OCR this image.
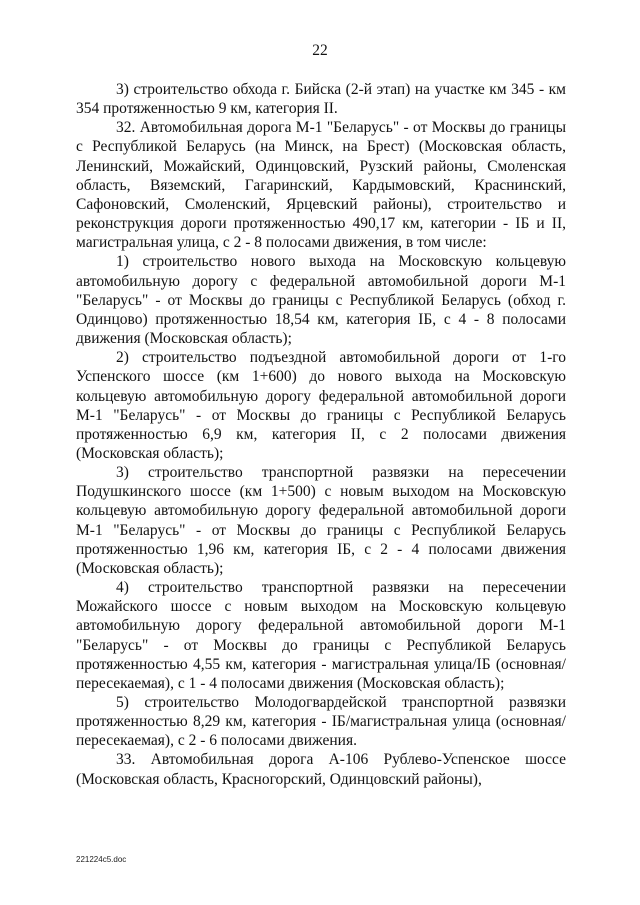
22

3) строительство обхода г. Бийска (2-й этап) на участке км 345 - км 354 протяженностью 9 км, категория II.

32. Автомобильная дорога М-1 "Беларусь" - от Москвы до границы с Республикой Беларусь (на Минск, на Брест) (Московская область, Ленинский, Можайский, Одинцовский, Рузский районы, Смоленская область, Вяземский, Гагаринский, Кардымовский, Краснинский, Сафоновский, Смоленский, Ярцевский районы), строительство и реконструкция дороги протяженностью 490,17 км, категории - IБ и II, магистральная улица, с 2 - 8 полосами движения, в том числе:

1) строительство нового выхода на Московскую кольцевую автомобильную дорогу с федеральной автомобильной дороги М-1 "Беларусь" - от Москвы до границы с Республикой Беларусь (обход г. Одинцово) протяженностью 18,54 км, категория IБ, с 4 - 8 полосами движения (Московская область);

2) строительство подъездной автомобильной дороги от 1-го Успенского шоссе (км 1+600) до нового выхода на Московскую кольцевую автомобильную дорогу федеральной автомобильной дороги М-1 "Беларусь" - от Москвы до границы с Республикой Беларусь протяженностью 6,9 км, категория II, с 2 полосами движения (Московская область);

3) строительство транспортной развязки на пересечении Подушкинского шоссе (км 1+500) с новым выходом на Московскую кольцевую автомобильную дорогу федеральной автомобильной дороги М-1 "Беларусь" - от Москвы до границы с Республикой Беларусь протяженностью 1,96 км, категория IБ, с 2 - 4 полосами движения (Московская область);

4) строительство транспортной развязки на пересечении Можайского шоссе с новым выходом на Московскую кольцевую автомобильную дорогу федеральной автомобильной дороги М-1 "Беларусь" - от Москвы до границы с Республикой Беларусь протяженностью 4,55 км, категория - магистральная улица/IБ (основная/пересекаемая), с 1 - 4 полосами движения (Московская область);

5) строительство Молодогвардейской транспортной развязки протяженностью 8,29 км, категория - IБ/магистральная улица (основная/пересекаемая), с 2 - 6 полосами движения.

33. Автомобильная дорога А-106 Рублево-Успенское шоссе (Московская область, Красногорский, Одинцовский районы),

221224c5.doc
